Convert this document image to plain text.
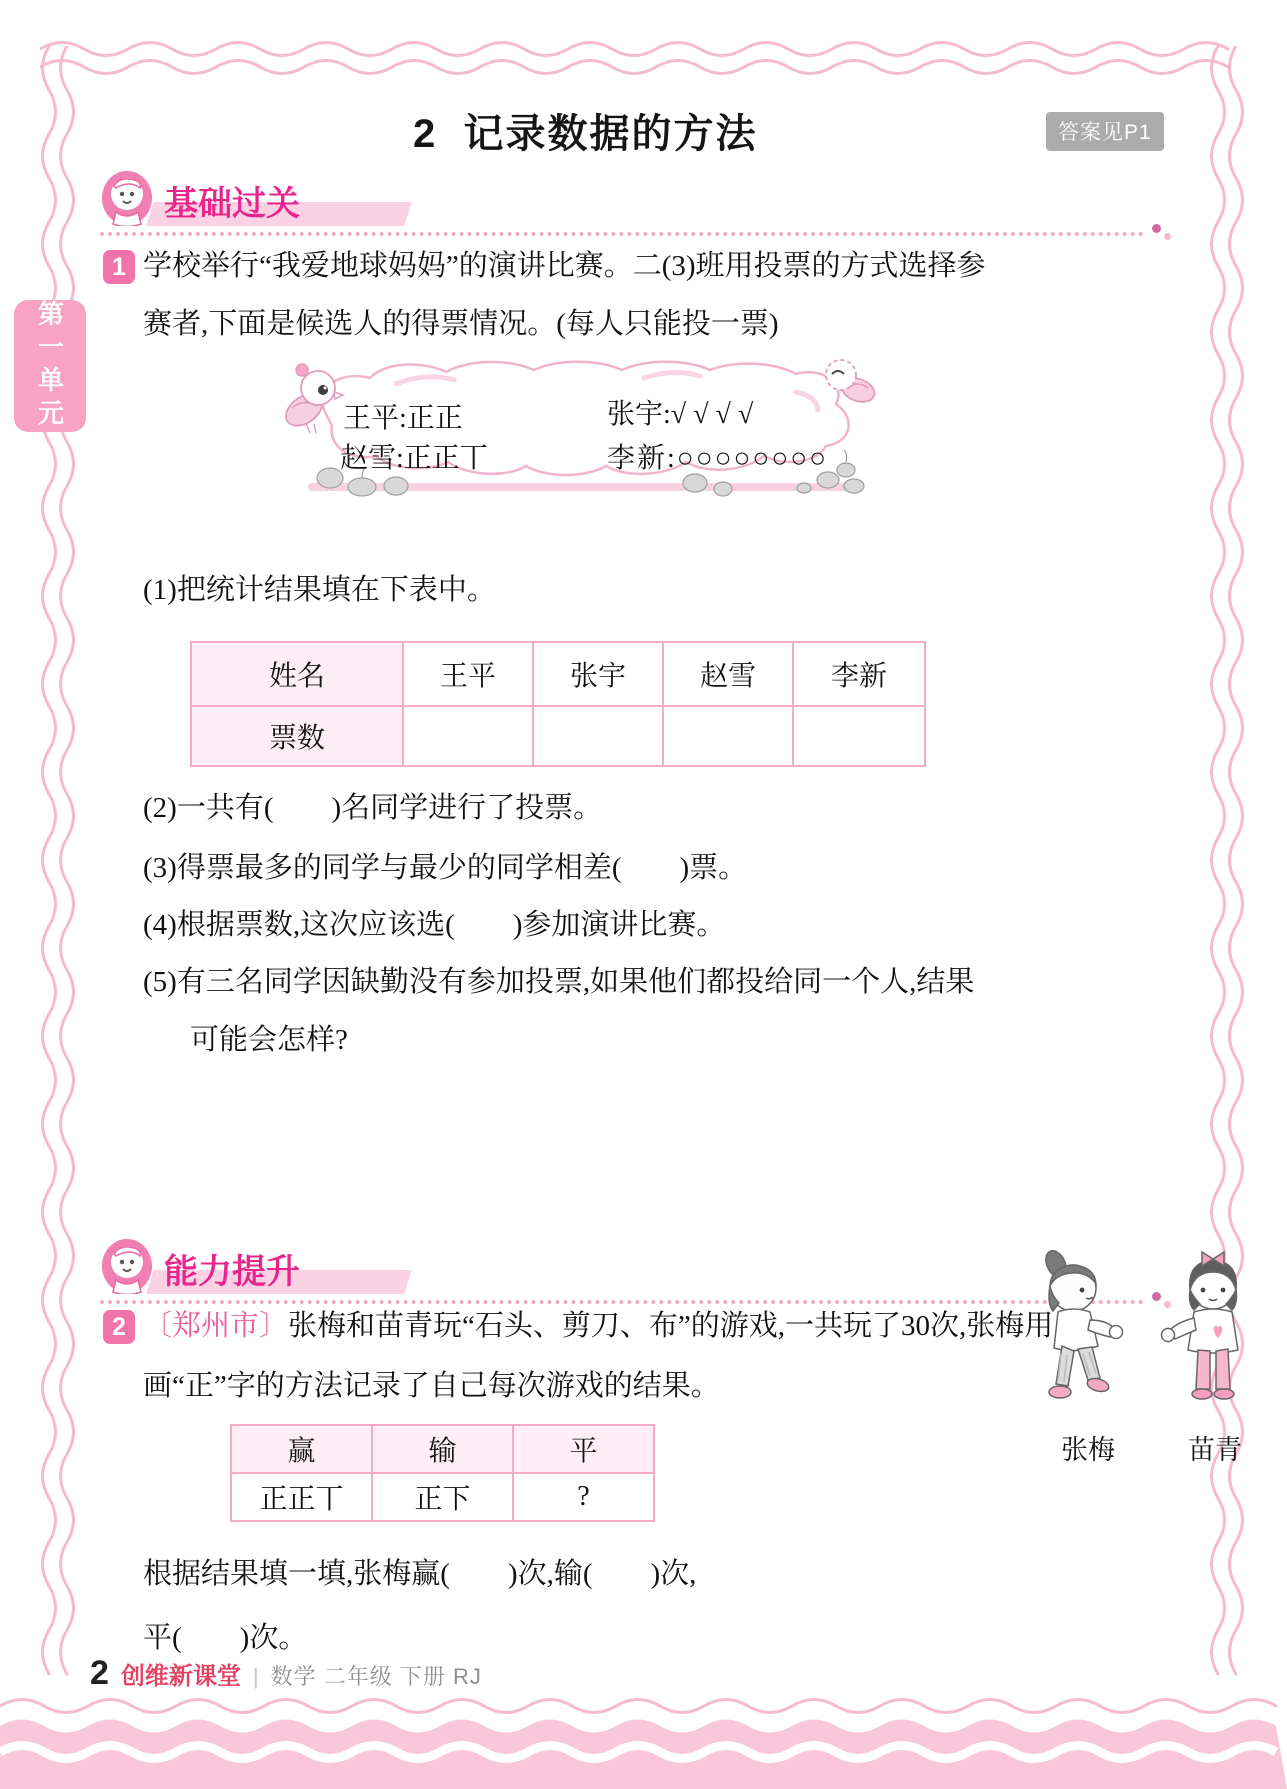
第一单元
2  记录数据的方法	答案见P1
基础过关
1 学校举行“我爱地球妈妈”的演讲比赛。二(3)班用投票的方式选择参
赛者,下面是候选人的得票情况。(每人只能投一票)
王平:正正	张宇:√ √ √ √
赵雪:正正丅	李新:○○○○○○○○
(1)把统计结果填在下表中。
姓名	王平	张宇	赵雪	李新
票数				
(2)一共有(        )名同学进行了投票。
(3)得票最多的同学与最少的同学相差(        )票。
(4)根据票数,这次应该选(        )参加演讲比赛。
(5)有三名同学因缺勤没有参加投票,如果他们都投给同一个人,结果
可能会怎样?
能力提升
2 〔郑州市〕张梅和苗青玩“石头、剪刀、布”的游戏,一共玩了30次,张梅用
画“正”字的方法记录了自己每次游戏的结果。
赢	输	平
正正丅	正下	?
根据结果填一填,张梅赢(        )次,输(        )次,
平(        )次。
张梅	苗青
2 创维新课堂 | 数学 二年级 下册 RJ
